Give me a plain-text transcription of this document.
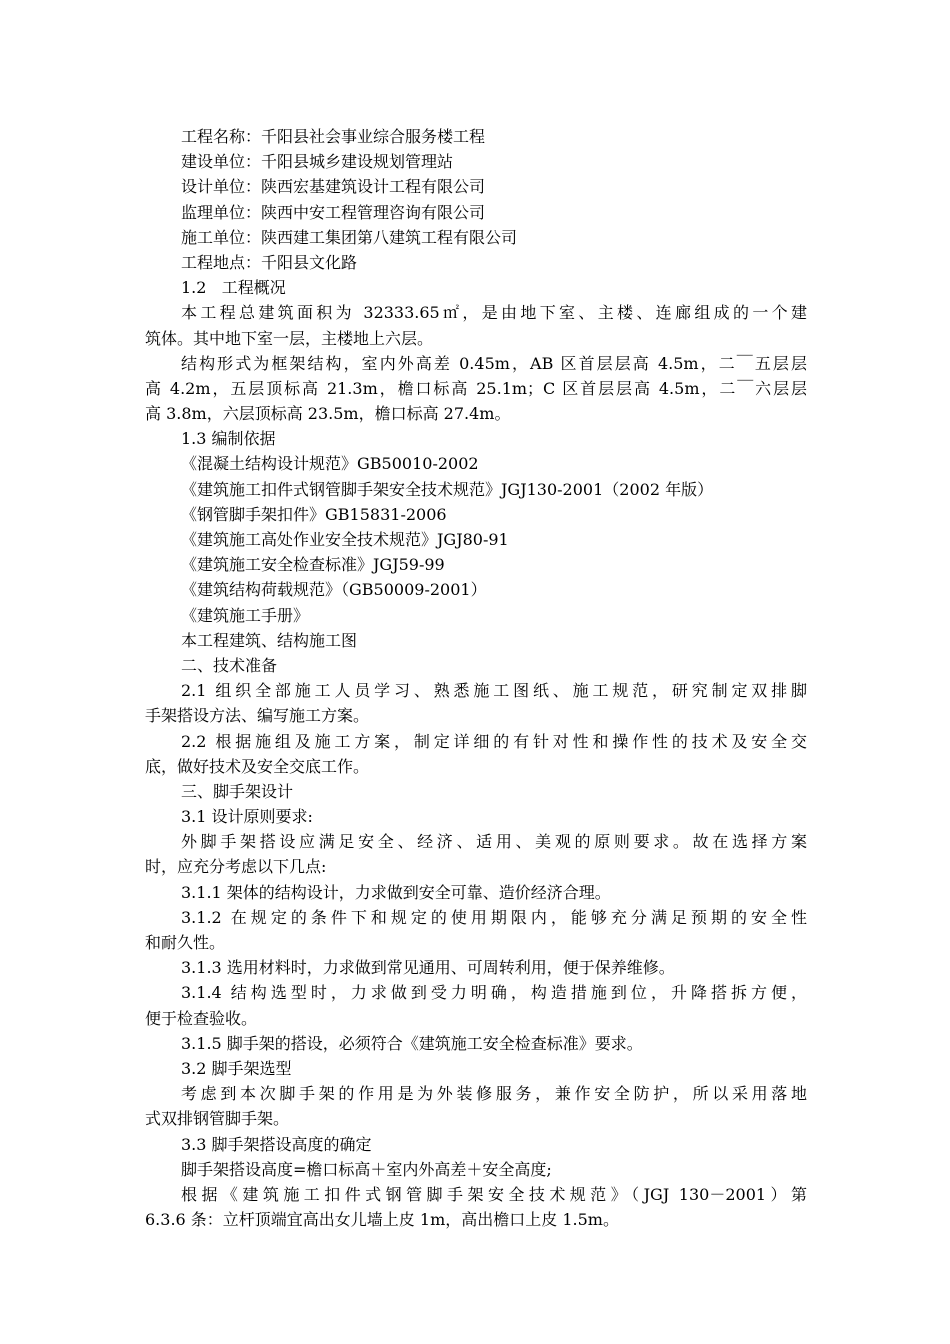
工程名称：千阳县社会事业综合服务楼工程
建设单位：千阳县城乡建设规划管理站
设计单位：陕西宏基建筑设计工程有限公司
监理单位：陕西中安工程管理咨询有限公司
施工单位：陕西建工集团第八建筑工程有限公司
工程地点：千阳县文化路
1.2   工程概况
本工程总建筑面积为 32333.65㎡，是由地下室、主楼、连廊组成的一个建
筑体。其中地下室一层，主楼地上六层。
结构形式为框架结构，室内外高差 0.45m，AB 区首层层高 4.5m，二￣五层层
高 4.2m，五层顶标高 21.3m，檐口标高 25.1m；C 区首层层高 4.5m，二￣六层层
高 3.8m，六层顶标高 23.5m，檐口标高 27.4m。
1.3 编制依据
《混凝土结构设计规范》GB50010-2002
《建筑施工扣件式钢管脚手架安全技术规范》JGJ130-2001（2002 年版）
《钢管脚手架扣件》GB15831-2006
《建筑施工高处作业安全技术规范》JGJ80-91
《建筑施工安全检查标准》JGJ59-99
《建筑结构荷载规范》（GB50009-2001）
《建筑施工手册》
本工程建筑、结构施工图
二、技术准备
2.1 组织全部施工人员学习、熟悉施工图纸、施工规范，研究制定双排脚
手架搭设方法、编写施工方案。
2.2 根据施组及施工方案，制定详细的有针对性和操作性的技术及安全交
底，做好技术及安全交底工作。
三、脚手架设计
3.1 设计原则要求:
外脚手架搭设应满足安全、经济、适用、美观的原则要求。故在选择方案
时，应充分考虑以下几点:
3.1.1 架体的结构设计，力求做到安全可靠、造价经济合理。
3.1.2 在规定的条件下和规定的使用期限内，能够充分满足预期的安全性
和耐久性。
3.1.3 选用材料时，力求做到常见通用、可周转利用，便于保养维修。
3.1.4 结构选型时，力求做到受力明确，构造措施到位，升降搭拆方便，
便于检查验收。
3.1.5 脚手架的搭设，必须符合《建筑施工安全检查标准》要求。
3.2 脚手架选型
考虑到本次脚手架的作用是为外装修服务，兼作安全防护，所以采用落地
式双排钢管脚手架。
3.3 脚手架搭设高度的确定
脚手架搭设高度=檐口标高＋室内外高差＋安全高度;
根据《建筑施工扣件式钢管脚手架安全技术规范》（JGJ 130－2001）第
6.3.6 条：立杆顶端宜高出女儿墙上皮 1m，高出檐口上皮 1.5m。
